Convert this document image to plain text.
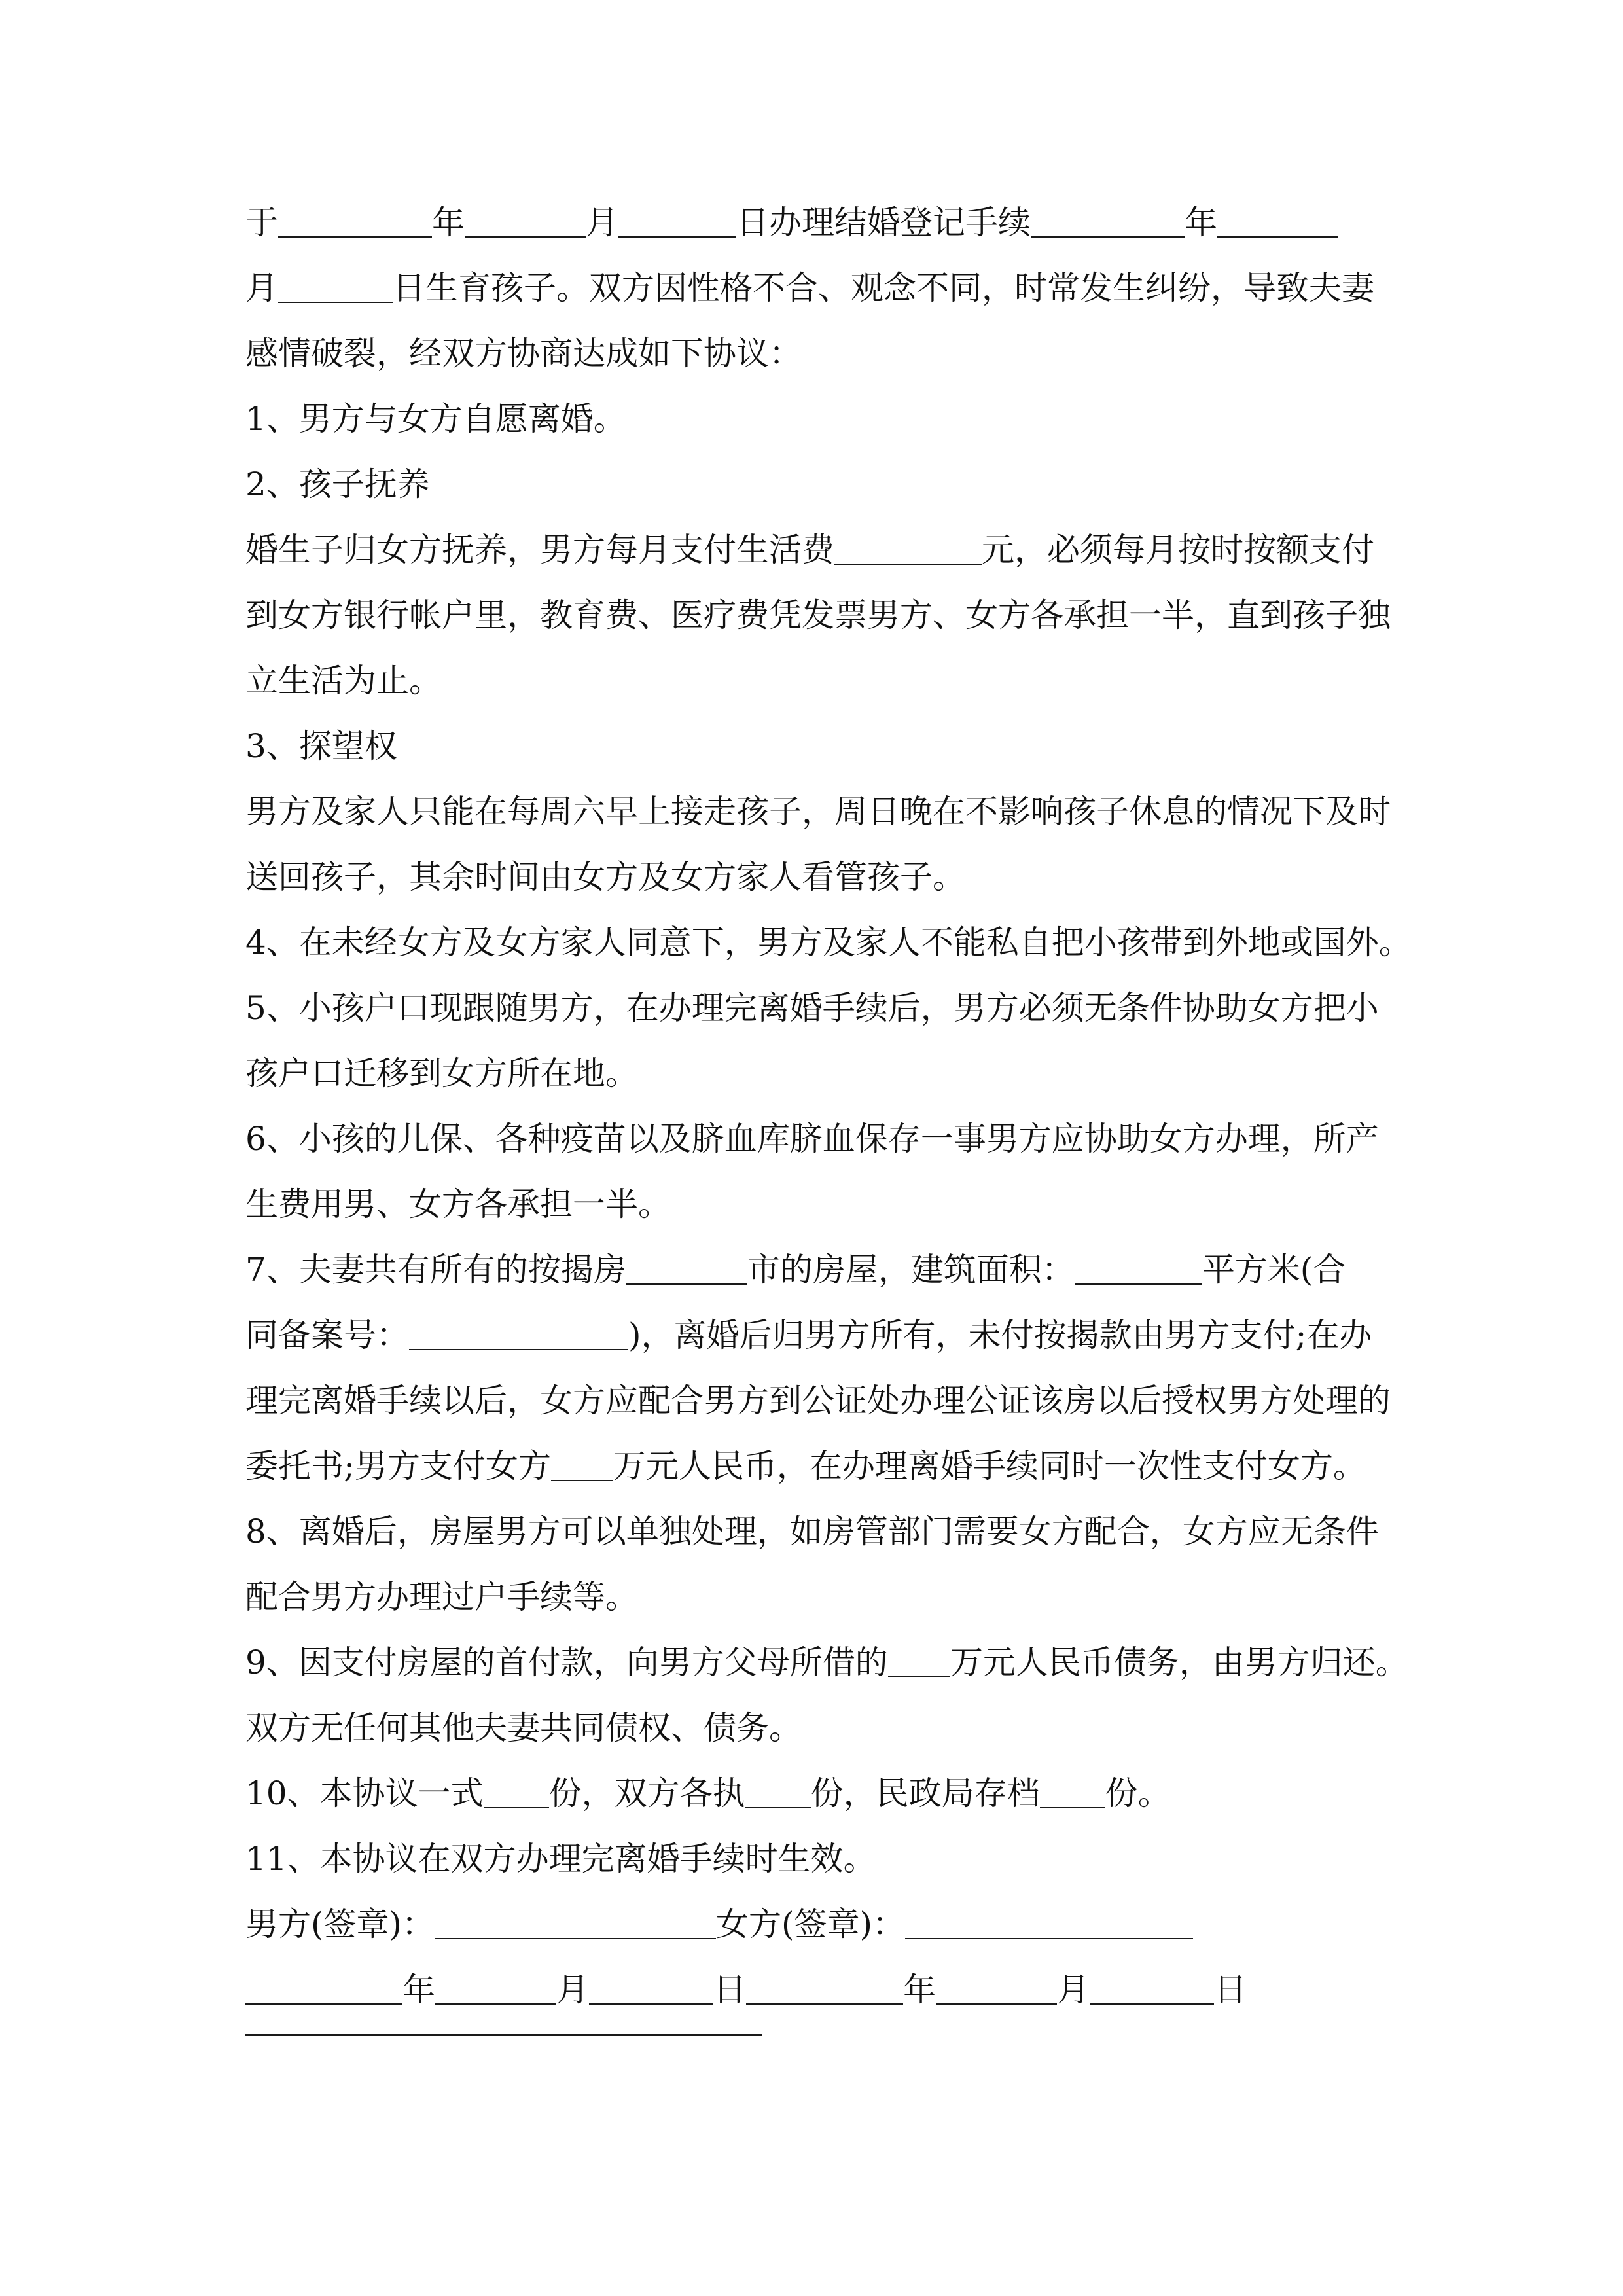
于	年	月	日办理结婚登记手续	年
月	日生育孩子。双方因性格不合、观念不同，时常发生纠纷，导致夫妻
感情破裂，经双方协商达成如下协议：
1、男方与女方自愿离婚。
2、孩子抚养
婚生子归女方抚养，男方每月支付生活费	元，必须每月按时按额支付
到女方银行帐户里，教育费、医疗费凭发票男方、女方各承担一半，直到孩子独
立生活为止。
3、探望权
男方及家人只能在每周六早上接走孩子，周日晚在不影响孩子休息的情况下及时
送回孩子，其余时间由女方及女方家人看管孩子。
4、在未经女方及女方家人同意下，男方及家人不能私自把小孩带到外地或国外。
5、小孩户口现跟随男方，在办理完离婚手续后，男方必须无条件协助女方把小
孩户口迁移到女方所在地。
6、小孩的儿保、各种疫苗以及脐血库脐血保存一事男方应协助女方办理，所产
生费用男、女方各承担一半。
7、夫妻共有所有的按揭房	市的房屋，建筑面积：	平方米(合
同备案号：	)，离婚后归男方所有，未付按揭款由男方支付;在办
理完离婚手续以后，女方应配合男方到公证处办理公证该房以后授权男方处理的
委托书;男方支付女方 万元人民币，在办理离婚手续同时一次性支付女方。
8、离婚后，房屋男方可以单独处理，如房管部门需要女方配合，女方应无条件
配合男方办理过户手续等。
9、因支付房屋的首付款，向男方父母所借的 万元人民币债务，由男方归还。
双方无任何其他夫妻共同债权、债务。
10、本协议一式 份，双方各执 份，民政局存档 份。
11、本协议在双方办理完离婚手续时生效。
男方(签章)：	女方(签章)：
年	月	日	年	月	日
